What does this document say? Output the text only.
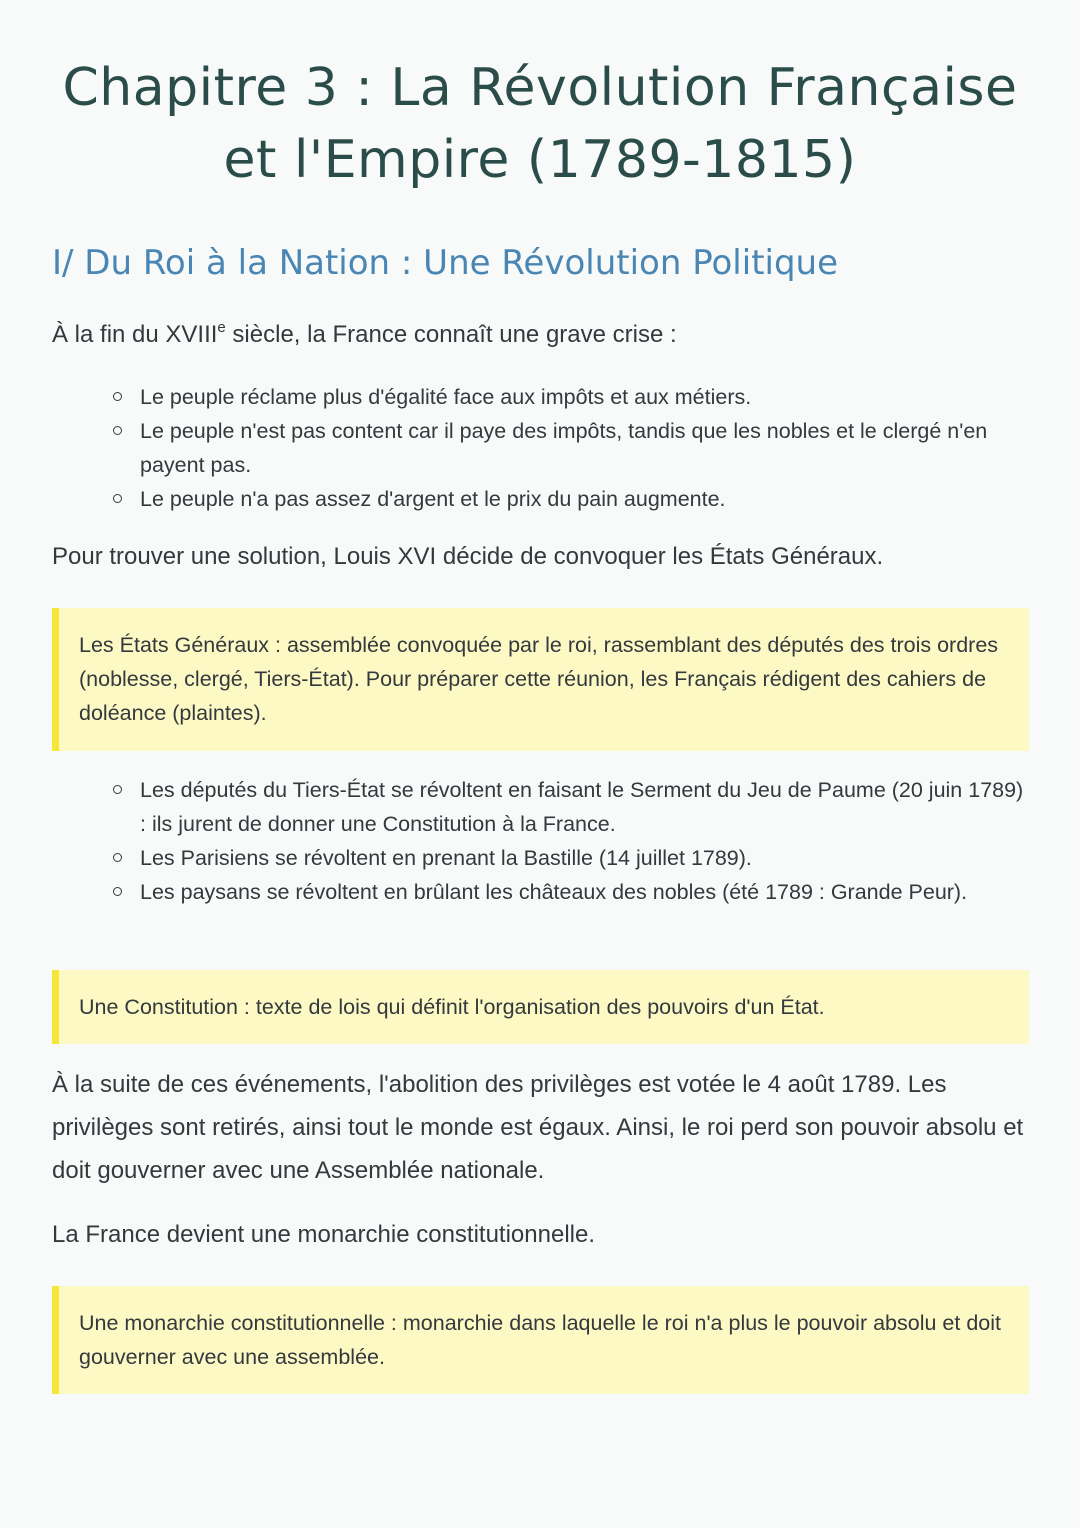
Chapitre 3 : La Révolution Française et l'Empire (1789-1815)
I/ Du Roi à la Nation : Une Révolution Politique
À la fin du XVIIIe siècle, la France connaît une grave crise :
Le peuple réclame plus d'égalité face aux impôts et aux métiers.
Le peuple n'est pas content car il paye des impôts, tandis que les nobles et le clergé n'en payent pas.
Le peuple n'a pas assez d'argent et le prix du pain augmente.
Pour trouver une solution, Louis XVI décide de convoquer les États Généraux.
Les États Généraux : assemblée convoquée par le roi, rassemblant des députés des trois ordres (noblesse, clergé, Tiers-État). Pour préparer cette réunion, les Français rédigent des cahiers de doléance (plaintes).
Les députés du Tiers-État se révoltent en faisant le Serment du Jeu de Paume (20 juin 1789) : ils jurent de donner une Constitution à la France.
Les Parisiens se révoltent en prenant la Bastille (14 juillet 1789).
Les paysans se révoltent en brûlant les châteaux des nobles (été 1789 : Grande Peur).
Une Constitution : texte de lois qui définit l'organisation des pouvoirs d'un État.
À la suite de ces événements, l'abolition des privilèges est votée le 4 août 1789. Les privilèges sont retirés, ainsi tout le monde est égaux. Ainsi, le roi perd son pouvoir absolu et doit gouverner avec une Assemblée nationale.
La France devient une monarchie constitutionnelle.
Une monarchie constitutionnelle : monarchie dans laquelle le roi n'a plus le pouvoir absolu et doit gouverner avec une assemblée.
